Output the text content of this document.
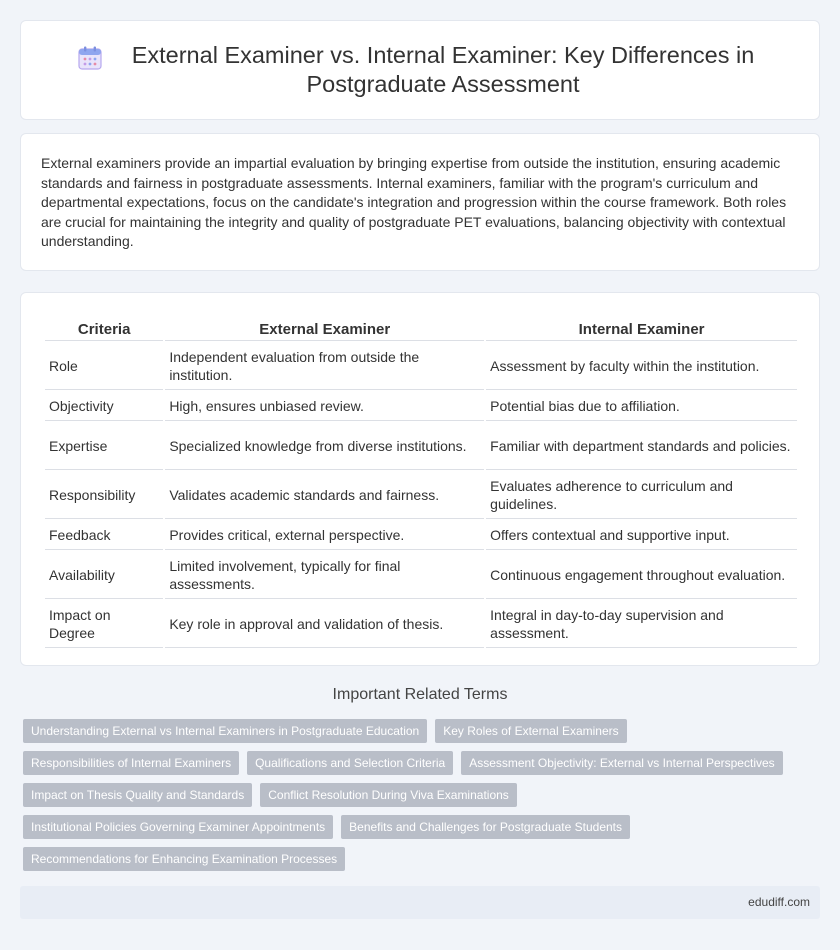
External Examiner vs. Internal Examiner: Key Differences in Postgraduate Assessment

External examiners provide an impartial evaluation by bringing expertise from outside the institution, ensuring academic standards and fairness in postgraduate assessments. Internal examiners, familiar with the program's curriculum and departmental expectations, focus on the candidate's integration and progression within the course framework. Both roles are crucial for maintaining the integrity and quality of postgraduate PET evaluations, balancing objectivity with contextual understanding.

Criteria	External Examiner	Internal Examiner
Role	Independent evaluation from outside the institution.	Assessment by faculty within the institution.
Objectivity	High, ensures unbiased review.	Potential bias due to affiliation.
Expertise	Specialized knowledge from diverse institutions.	Familiar with department standards and policies.
Responsibility	Validates academic standards and fairness.	Evaluates adherence to curriculum and guidelines.
Feedback	Provides critical, external perspective.	Offers contextual and supportive input.
Availability	Limited involvement, typically for final assessments.	Continuous engagement throughout evaluation.
Impact on Degree	Key role in approval and validation of thesis.	Integral in day-to-day supervision and assessment.
Important Related Terms
Understanding External vs Internal Examiners in Postgraduate Education	Key Roles of External Examiners
Responsibilities of Internal Examiners	Qualifications and Selection Criteria	Assessment Objectivity: External vs Internal Perspectives
Impact on Thesis Quality and Standards	Conflict Resolution During Viva Examinations
Institutional Policies Governing Examiner Appointments	Benefits and Challenges for Postgraduate Students
Recommendations for Enhancing Examination Processes
edudiff.com
